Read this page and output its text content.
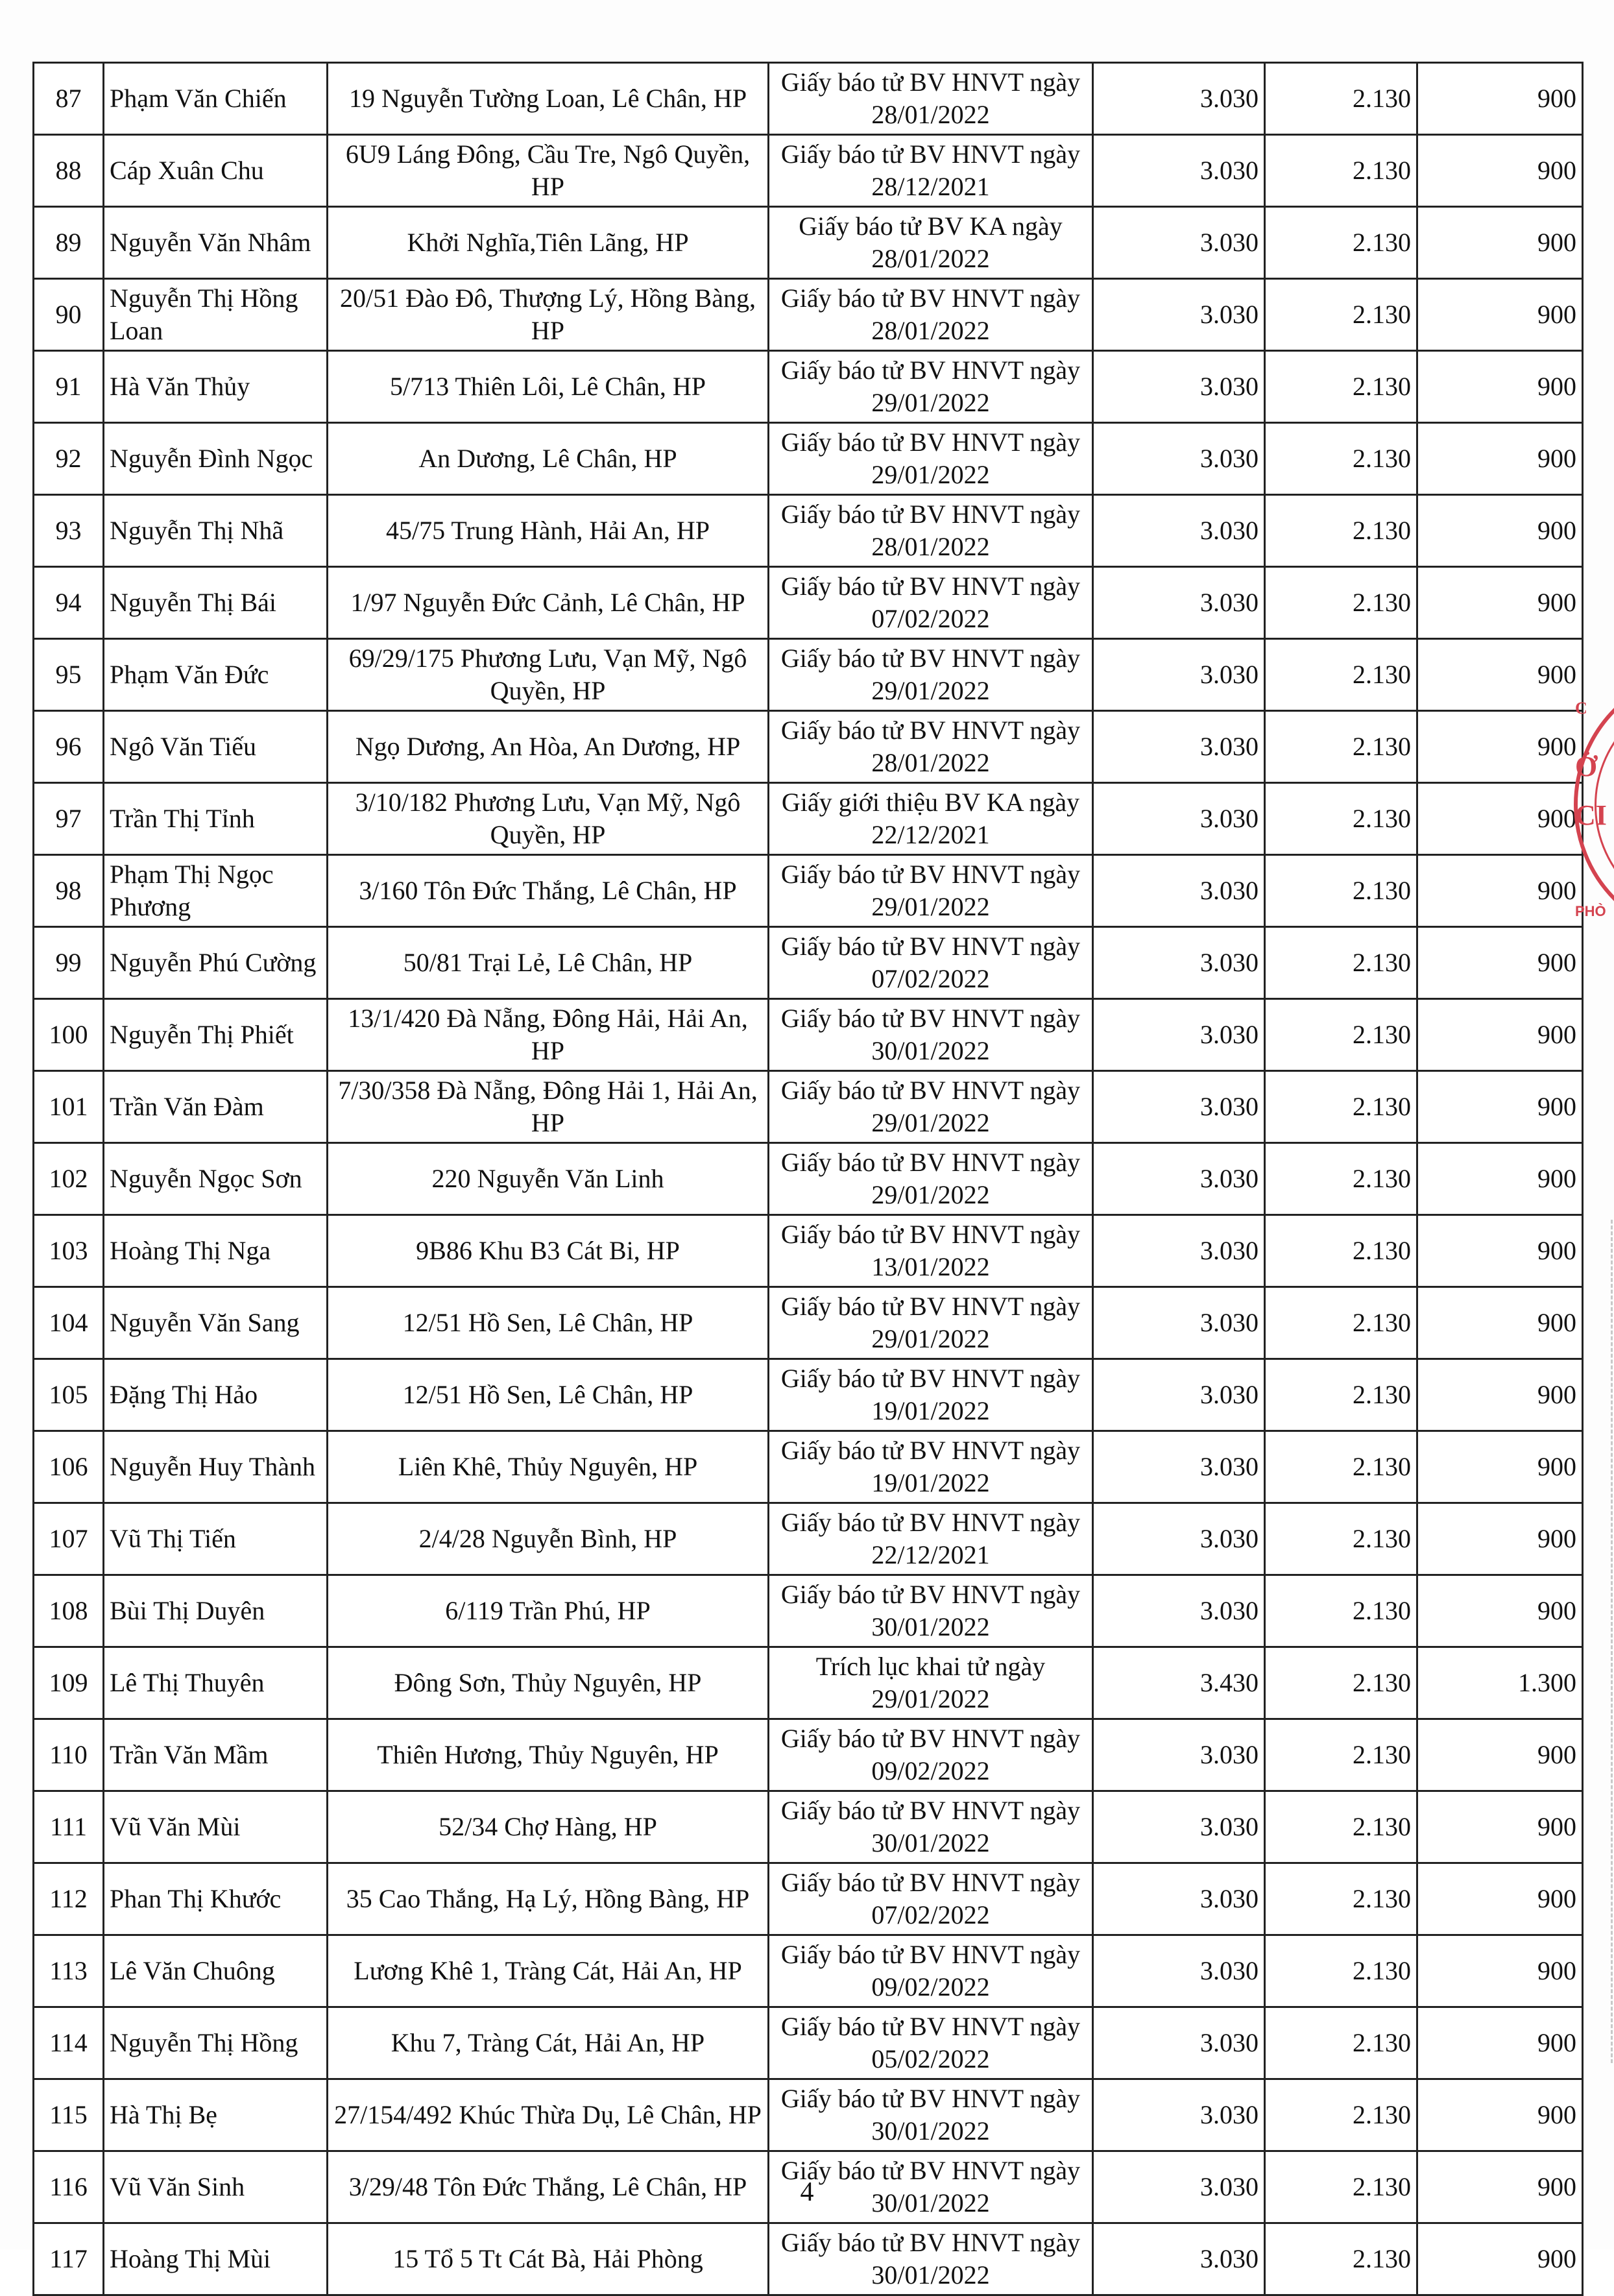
87	Phạm Văn Chiến	19 Nguyễn Tường Loan, Lê Chân, HP	Giấy báo tử BV HNVT ngày 28/01/2022	3.030	2.130	900
88	Cáp Xuân Chu	6U9 Láng Đông, Cầu Tre, Ngô Quyền, HP	Giấy báo tử BV HNVT ngày 28/12/2021	3.030	2.130	900
89	Nguyễn Văn Nhâm	Khởi Nghĩa,Tiên Lãng, HP	Giấy báo tử BV KA ngày 28/01/2022	3.030	2.130	900
90	Nguyễn Thị Hồng Loan	20/51 Đào Đô, Thượng Lý, Hồng Bàng, HP	Giấy báo tử BV HNVT ngày 28/01/2022	3.030	2.130	900
91	Hà Văn Thủy	5/713 Thiên Lôi, Lê Chân, HP	Giấy báo tử BV HNVT ngày 29/01/2022	3.030	2.130	900
92	Nguyễn Đình Ngọc	An Dương, Lê Chân, HP	Giấy báo tử BV HNVT ngày 29/01/2022	3.030	2.130	900
93	Nguyễn Thị Nhã	45/75 Trung Hành, Hải An, HP	Giấy báo tử BV HNVT ngày 28/01/2022	3.030	2.130	900
94	Nguyễn Thị Bái	1/97 Nguyễn Đức Cảnh, Lê Chân, HP	Giấy báo tử BV HNVT ngày 07/02/2022	3.030	2.130	900
95	Phạm Văn Đức	69/29/175 Phương Lưu, Vạn Mỹ, Ngô Quyền, HP	Giấy báo tử BV HNVT ngày 29/01/2022	3.030	2.130	900
96	Ngô Văn Tiếu	Ngọ Dương, An Hòa, An Dương, HP	Giấy báo tử BV HNVT ngày 28/01/2022	3.030	2.130	900
97	Trần Thị Tỉnh	3/10/182 Phương Lưu, Vạn Mỹ, Ngô Quyền, HP	Giấy giới thiệu BV KA ngày 22/12/2021	3.030	2.130	900
98	Phạm Thị Ngọc Phương	3/160 Tôn Đức Thắng, Lê Chân, HP	Giấy báo tử BV HNVT ngày 29/01/2022	3.030	2.130	900
99	Nguyễn Phú Cường	50/81 Trại Lẻ, Lê Chân, HP	Giấy báo tử BV HNVT ngày 07/02/2022	3.030	2.130	900
100	Nguyễn Thị Phiết	13/1/420 Đà Nẵng, Đông Hải, Hải An, HP	Giấy báo tử BV HNVT ngày 30/01/2022	3.030	2.130	900
101	Trần Văn Đàm	7/30/358 Đà Nẵng, Đông Hải 1, Hải An, HP	Giấy báo tử BV HNVT ngày 29/01/2022	3.030	2.130	900
102	Nguyễn Ngọc Sơn	220 Nguyễn Văn Linh	Giấy báo tử BV HNVT ngày 29/01/2022	3.030	2.130	900
103	Hoàng Thị Nga	9B86 Khu B3 Cát Bi, HP	Giấy báo tử BV HNVT ngày 13/01/2022	3.030	2.130	900
104	Nguyễn Văn Sang	12/51 Hồ Sen, Lê Chân, HP	Giấy báo tử BV HNVT ngày 29/01/2022	3.030	2.130	900
105	Đặng Thị Hảo	12/51 Hồ Sen, Lê Chân, HP	Giấy báo tử BV HNVT ngày 19/01/2022	3.030	2.130	900
106	Nguyễn Huy Thành	Liên Khê, Thủy Nguyên, HP	Giấy báo tử BV HNVT ngày 19/01/2022	3.030	2.130	900
107	Vũ Thị Tiến	2/4/28 Nguyễn Bình, HP	Giấy báo tử BV HNVT ngày 22/12/2021	3.030	2.130	900
108	Bùi Thị Duyên	6/119 Trần Phú, HP	Giấy báo tử BV HNVT ngày 30/01/2022	3.030	2.130	900
109	Lê Thị Thuyên	Đông Sơn, Thủy Nguyên, HP	Trích lục khai tử ngày 29/01/2022	3.430	2.130	1.300
110	Trần Văn Mầm	Thiên Hương, Thủy Nguyên, HP	Giấy báo tử BV HNVT ngày 09/02/2022	3.030	2.130	900
111	Vũ Văn Mùi	52/34 Chợ Hàng, HP	Giấy báo tử BV HNVT ngày 30/01/2022	3.030	2.130	900
112	Phan Thị Khước	35 Cao Thắng, Hạ Lý, Hồng Bàng, HP	Giấy báo tử BV HNVT ngày 07/02/2022	3.030	2.130	900
113	Lê Văn Chuông	Lương Khê 1, Tràng Cát, Hải An, HP	Giấy báo tử BV HNVT ngày 09/02/2022	3.030	2.130	900
114	Nguyễn Thị Hồng	Khu 7, Tràng Cát, Hải An, HP	Giấy báo tử BV HNVT ngày 05/02/2022	3.030	2.130	900
115	Hà Thị Bẹ	27/154/492 Khúc Thừa Dụ, Lê Chân, HP	Giấy báo tử BV HNVT ngày 30/01/2022	3.030	2.130	900
116	Vũ Văn Sinh	3/29/48 Tôn Đức Thắng, Lê Chân, HP	Giấy báo tử BV HNVT ngày 30/01/2022	3.030	2.130	900
117	Hoàng Thị Mùi	15 Tổ 5 Tt Cát Bà, Hải Phòng	Giấy báo tử BV HNVT ngày 30/01/2022	3.030	2.130	900
4
C
Ở
CI
PHÒ
